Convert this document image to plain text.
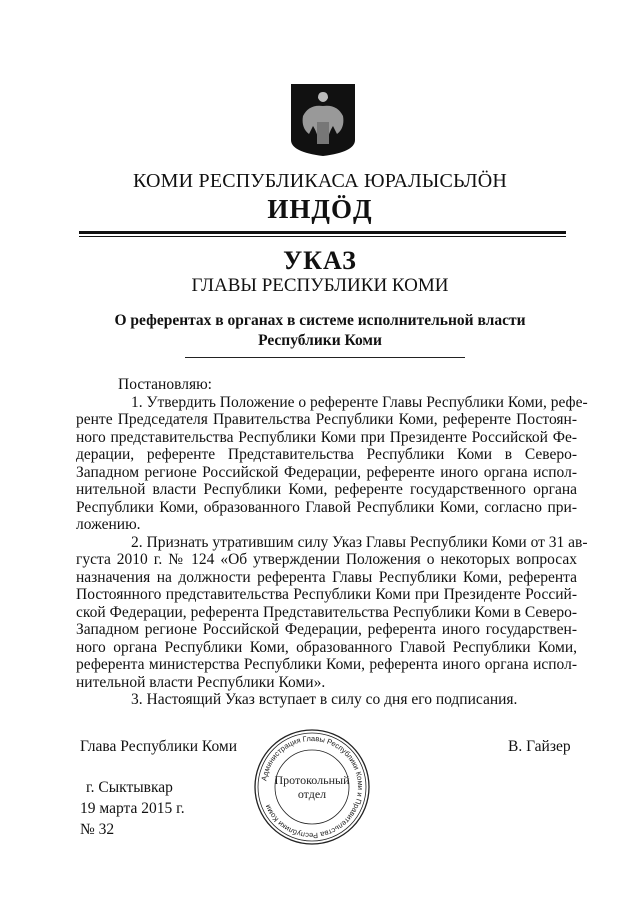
КОМИ РЕСПУБЛИКАСА ЮРАЛЫСЬЛÖН
ИНДÖД
УКАЗ
ГЛАВЫ РЕСПУБЛИКИ КОМИ
О референтах в органах в системе исполнительной власти
Республики Коми
Постановляю:
1. Утвердить Положение о референте Главы Республики Коми, рефе-
ренте Председателя Правительства Республики Коми, референте Постоян-
ного представительства Республики Коми при Президенте Российской Фе-
дерации, референте Представительства Республики Коми в Северо-
Западном регионе Российской Федерации, референте иного органа испол-
нительной власти Республики Коми, референте государственного органа
Республики Коми, образованного Главой Республики Коми, согласно при-
ложению.
2. Признать утратившим силу Указ Главы Республики Коми от 31 ав-
густа 2010 г. № 124 «Об утверждении Положения о некоторых вопросах
назначения на должности референта Главы Республики Коми, референта
Постоянного представительства Республики Коми при Президенте Россий-
ской Федерации, референта Представительства Республики Коми в Северо-
Западном регионе Российской Федерации, референта иного государствен-
ного органа Республики Коми, образованного Главой Республики Коми,
референта министерства Республики Коми, референта иного органа испол-
нительной власти Республики Коми».
3. Настоящий Указ вступает в силу со дня его подписания.
Глава Республики Коми	В. Гайзер
г. Сыктывкар
19 марта 2015 г.
№ 32
Администрация Главы Республики Коми и Правительства Республики Коми
Протокольный
отдел
